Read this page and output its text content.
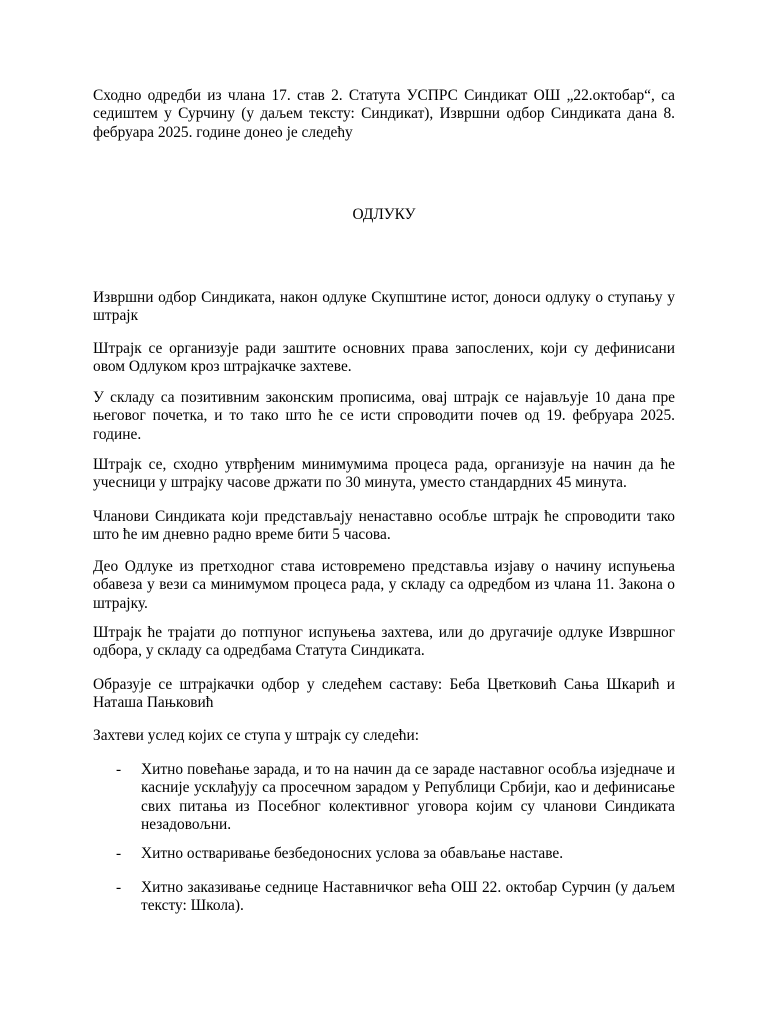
Сходно одредби из члана 17. став 2. Статута УСПРС Синдикат ОШ „22.октобар“, са седиштем у Сурчину (у даљем тексту: Синдикат), Извршни одбор Синдиката дана 8. фебруара 2025. године донео је следећу

ОДЛУКУ

Извршни одбор Синдиката, након одлуке Скупштине истог, доноси одлуку о ступању у штрајк

Штрајк се организује ради заштите основних права запослених, који су дефинисани овом Одлуком кроз штрајкачке захтеве.

У складу са позитивним законским прописима, овај штрајк се најављује 10 дана пре његовог почетка, и то тако што ће се исти спроводити почев од 19. фебруара 2025. године.

Штрајк се, сходно утврђеним минимумима процеса рада, организује на начин да ће учесници у штрајку часове држати по 30 минута, уместо стандардних 45 минута.

Чланови Синдиката који представљају ненаставно особље штрајк ће спроводити тако што ће им дневно радно време бити 5 часова.

Део Одлуке из претходног става истовремено представља изјаву о начину испуњења обавеза у вези са минимумом процеса рада, у складу са одредбом из члана 11. Закона о штрајку.

Штрајк ће трајати до потпуног испуњења захтева, или до другачије одлуке Извршног одбора, у складу са одредбама Статута Синдиката.

Образује се штрајкачки одбор у следећем саставу: Беба Цветковић Сања Шкарић и Наташа Пањковић

Захтеви услед којих се ступа у штрајк су следећи:

- Хитно повећање зарада, и то на начин да се зараде наставног особља изједначе и касније усклађују са просечном зарадом у Републици Србији, као и дефинисање свих питања из Посебног колективног уговора којим су чланови Синдиката незадовољни.
- Хитно остваривање безбедоносних услова за обављање наставе.
- Хитно заказивање седнице Наставничког већа ОШ 22. октобар Сурчин (у даљем тексту: Школа).
